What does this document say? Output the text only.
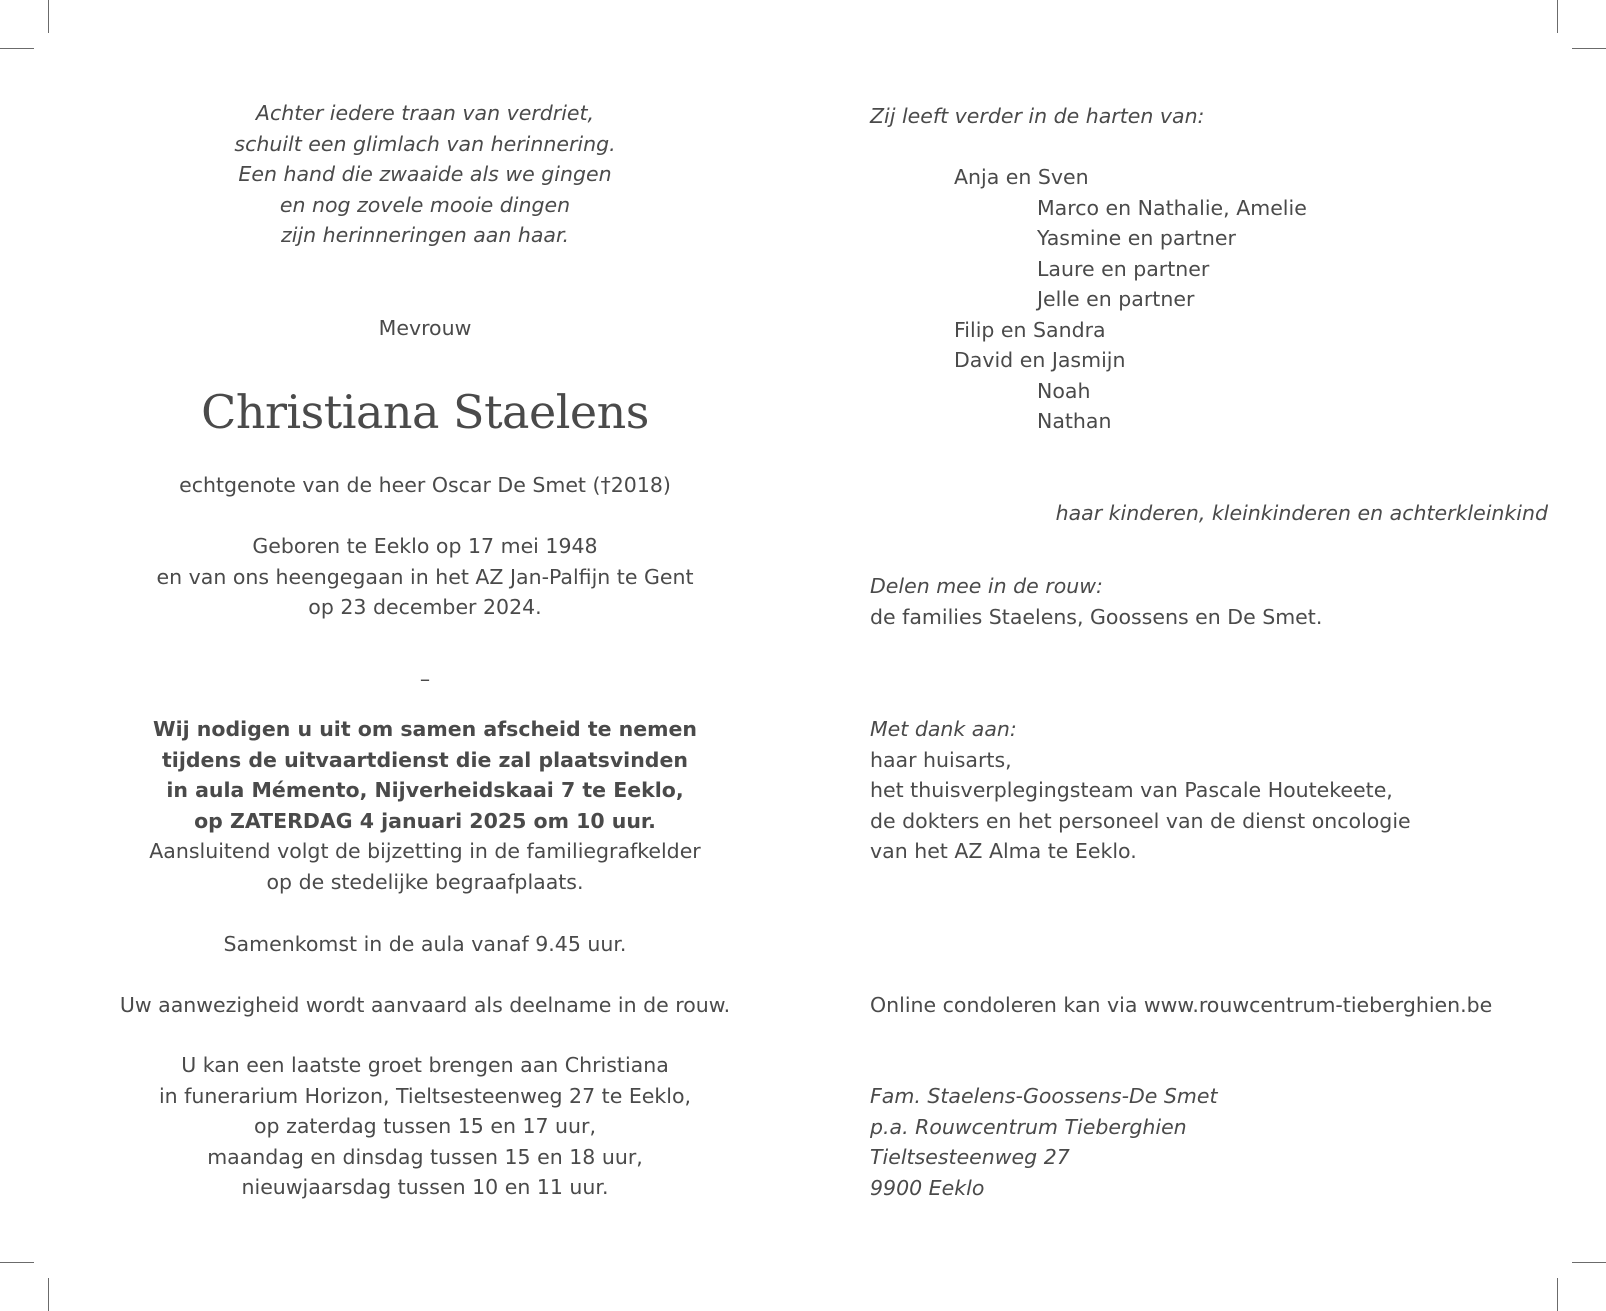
Achter iedere traan van verdriet,
schuilt een glimlach van herinnering.
Een hand die zwaaide als we gingen
en nog zovele mooie dingen
zijn herinneringen aan haar.
Mevrouw
Christiana Staelens
echtgenote van de heer Oscar De Smet (†2018)
Geboren te Eeklo op 17 mei 1948
en van ons heengegaan in het AZ Jan-Palfijn te Gent
op 23 december 2024.
–
Wij nodigen u uit om samen afscheid te nemen
tijdens de uitvaartdienst die zal plaatsvinden
in aula Mémento, Nijverheidskaai 7 te Eeklo,
op ZATERDAG 4 januari 2025 om 10 uur.
Aansluitend volgt de bijzetting in de familiegrafkelder
op de stedelijke begraafplaats.
Samenkomst in de aula vanaf 9.45 uur.
Uw aanwezigheid wordt aanvaard als deelname in de rouw.
U kan een laatste groet brengen aan Christiana
in funerarium Horizon, Tieltsesteenweg 27 te Eeklo,
op zaterdag tussen 15 en 17 uur,
maandag en dinsdag tussen 15 en 18 uur,
nieuwjaarsdag tussen 10 en 11 uur.
Zij leeft verder in de harten van:
Anja en Sven
Marco en Nathalie, Amelie
Yasmine en partner
Laure en partner
Jelle en partner
Filip en Sandra
David en Jasmijn
Noah
Nathan
haar kinderen, kleinkinderen en achterkleinkind
Delen mee in de rouw:
de families Staelens, Goossens en De Smet.
Met dank aan:
haar huisarts,
het thuisverplegingsteam van Pascale Houtekeete,
de dokters en het personeel van de dienst oncologie
van het AZ Alma te Eeklo.
Online condoleren kan via www.rouwcentrum-tieberghien.be
Fam. Staelens-Goossens-De Smet
p.a. Rouwcentrum Tieberghien
Tieltsesteenweg 27
9900 Eeklo
